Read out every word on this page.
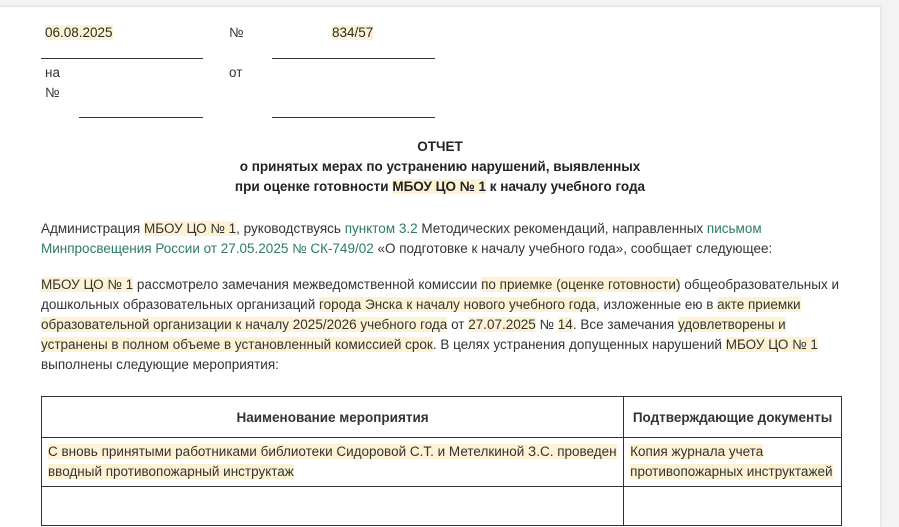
06.08.2025	№	834/57
на
№
от
ОТЧЕТ
о принятых мерах по устранению нарушений, выявленных
при оценке готовности МБОУ ЦО № 1 к началу учебного года
Администрация МБОУ ЦО № 1, руководствуясь пунктом 3.2 Методических рекомендаций, направленных письмом Минпросвещения России от 27.05.2025 № СК-749/02 «О подготовке к началу учебного года», сообщает следующее:
МБОУ ЦО № 1 рассмотрело замечания межведомственной комиссии по приемке (оценке готовности) общеобразовательных и дошкольных образовательных организаций города Энска к началу нового учебного года, изложенные ею в акте приемки образовательной организации к началу 2025/2026 учебного года от 27.07.2025 № 14. Все замечания удовлетворены и устранены в полном объеме в установленный комиссией срок. В целях устранения допущенных нарушений МБОУ ЦО № 1 выполнены следующие мероприятия:
Наименование мероприятия	Подтверждающие документы
С вновь принятыми работниками библиотеки Сидоровой С.Т. и Метелкиной З.С. проведен вводный противопожарный инструктаж	Копия журнала учета противопожарных инструктажей
